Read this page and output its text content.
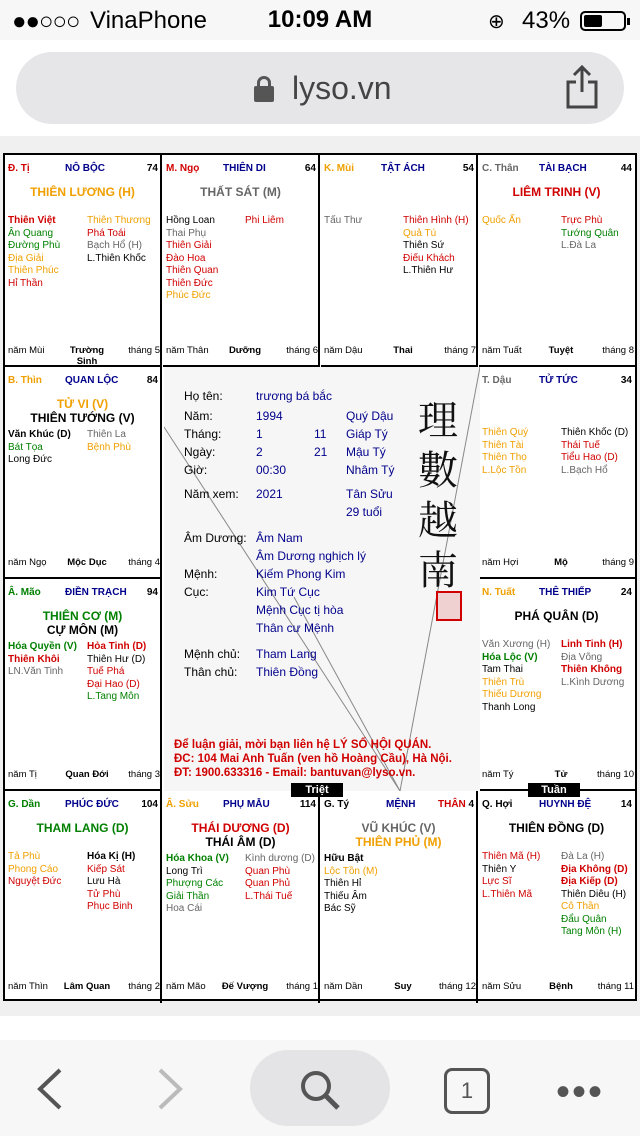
●●○○○ VinaPhone	10:09 AM	⊕ 43%
lyso.vn
Đ. Tị	NÔ BỘC	74
THIÊN LƯƠNG (H)
Thiên Việt
Ân Quang
Đường Phù
Địa Giải
Thiên Phúc
Hỉ Thần
Thiên Thương
Phá Toái
Bạch Hổ (H)
L.Thiên Khốc
năm Mùi	Trường Sinh
tháng 5
M. Ngọ THIÊN DI	64
THẤT SÁT (M)
Hồng Loan
Thai Phụ
Thiên Giải
Đào Hoa
Thiên Quan
Thiên Đức
Phúc Đức
Phi Liêm
năm Thân	Dưỡng	tháng 6
K. Mùi	TẬT ÁCH	54
Tấu Thư	Thiên Hình (H)
Quả Tú
Thiên Sứ
Điếu Khách
L.Thiên Hư
năm Dậu	Thai	tháng 7
C. Thân TÀI BẠCH	44
LIÊM TRINH (V)
Quốc Ấn	Trực Phù
Tướng Quân
L.Đà La
năm Tuất	Tuyệt	tháng 8
B. Thìn QUAN LỘC	84
TỬ VI (V)
THIÊN TƯỚNG (V)
Văn Khúc (D)
Bát Tọa
Long Đức
Thiên La
Bệnh Phù
năm Ngọ	Mộc Dục	tháng 4
T. Dậu	TỬ TỨC	34
Thiên Quý
Thiên Tài
Thiên Thọ
L.Lộc Tồn
Thiên Khốc (D)
Thái Tuế
Tiểu Hao (D)
L.Bạch Hổ
năm Hợi	Mộ	tháng 9
Â. Mão ĐIỀN TRẠCH 94
THIÊN CƠ (M)
CỰ MÔN (M)
Hóa Quyền (V)
Thiên Khôi
LN.Văn Tinh
Hỏa Tinh (D)
Thiên Hư (D)
Tuế Phá
Đại Hao (D)
L.Tang Môn
năm Tị	Quan Đới	tháng 3
N. Tuất THÊ THIẾP	24
PHÁ QUÂN (D)
Văn Xương (H)
Hóa Lộc (V)
Tam Thai
Thiên Trù
Thiếu Dương
Thanh Long
Linh Tinh (H)
Địa Võng
Thiên Không
L.Kình Dương
năm Tý	Tử	tháng 10
G. Dần PHÚC ĐỨC 104
THAM LANG (D)
Tả Phù
Phong Cáo
Nguyệt Đức
Hóa Kị (H)
Kiếp Sát
Lưu Hà
Tử Phù
Phục Binh
năm Thìn Lâm Quan tháng 2
Â. Sửu PHỤ MẪU	114
THÁI DƯƠNG (D)
THÁI ÂM (D)
Hóa Khoa (V)
Long Trì
Phượng Các
Giải Thần
Hoa Cái
Kình dương (D)
Quan Phù
Quan Phủ
L.Thái Tuế
năm Mão Đế Vượng tháng 1
G. Tý	MỆNH THÂN 4
VŨ KHÚC (V)
THIÊN PHỦ (M)
Hữu Bật
Lộc Tồn (M)
Thiên Hỉ
Thiếu Âm
Bác Sỹ
năm Dần	Suy	tháng 12
Q. Hợi	HUYNH ĐỆ	14
THIÊN ĐỒNG (D)
Thiên Mã (H)
Thiên Y
Lực Sĩ
L.Thiên Mã
Đà La (H)
Địa Không (D)
Địa Kiếp (D)
Thiên Diêu (H)
Cô Thần
Đẩu Quân
Tang Môn (H)
năm Sửu	Bệnh	tháng 11
Họ tên:	trương bá bắc
Năm:	1994	Quý Dậu
Tháng:	1	11 Giáp Tý
Ngày:	2	21 Mậu Tý
Giờ:	00:30	Nhâm Tý
Năm xem: 2021	Tân Sửu
29 tuổi
Âm Dương: Âm Nam
Âm Dương nghịch lý
Mệnh:	Kiếm Phong Kim
Cục:	Kim Tứ Cục
Mệnh Cục tị hòa
Thân cư Mệnh
Mệnh chủ: Tham Lang
Thân chủ: Thiên Đồng
Để luận giải, mời bạn liên hệ LÝ SỐ HỘI QUÁN.
ĐC: 104 Mai Anh Tuấn (ven hồ Hoàng Cầu), Hà Nội.
ĐT: 1900.633316 - Email: bantuvan@lyso.vn.
理
數
越
南
Triệt	Tuần
1	•••
